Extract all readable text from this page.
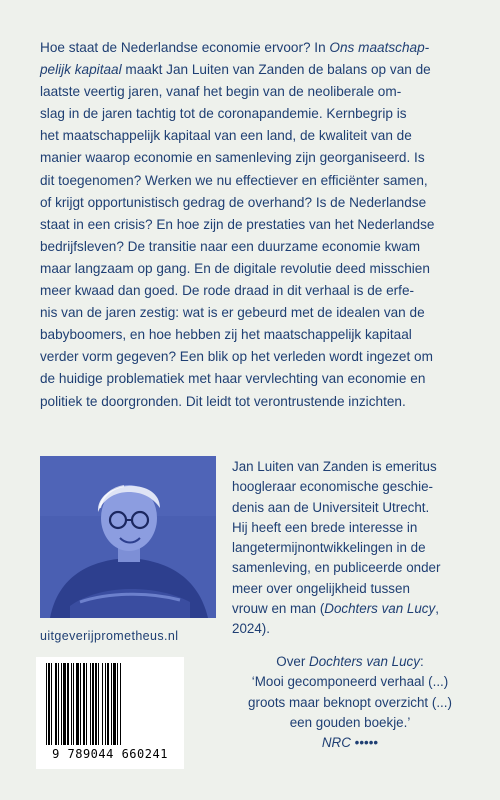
Hoe staat de Nederlandse economie ervoor? In Ons maatschap-
pelijk kapitaal maakt Jan Luiten van Zanden de balans op van de
laatste veertig jaren, vanaf het begin van de neoliberale om-
slag in de jaren tachtig tot de coronapandemie. Kernbegrip is
het maatschappelijk kapitaal van een land, de kwaliteit van de
manier waarop economie en samenleving zijn georganiseerd. Is
dit toegenomen? Werken we nu effectiever en efficiënter samen,
of krijgt opportunistisch gedrag de overhand? Is de Nederlandse
staat in een crisis? En hoe zijn de prestaties van het Nederlandse
bedrijfsleven? De transitie naar een duurzame economie kwam
maar langzaam op gang. En de digitale revolutie deed misschien
meer kwaad dan goed. De rode draad in dit verhaal is de erfe-
nis van de jaren zestig: wat is er gebeurd met de idealen van de
babyboomers, en hoe hebben zij het maatschappelijk kapitaal
verder vorm gegeven? Een blik op het verleden wordt ingezet om
de huidige problematiek met haar vervlechting van economie en
politiek te doorgronden. Dit leidt tot verontrustende inzichten.

Jan Luiten van Zanden is emeritus
hoogleraar economische geschie-
denis aan de Universiteit Utrecht.
Hij heeft een brede interesse in
langetermijnontwikkelingen in de
samenleving, en publiceerde onder
meer over ongelijkheid tussen
vrouw en man (Dochters van Lucy,
2024).
uitgeverijprometheus.nl
9 789044 660241
Over Dochters van Lucy:
‘Mooi gecomponeerd verhaal (...)
groots maar beknopt overzicht (...)
een gouden boekje.’
NRC •••••
